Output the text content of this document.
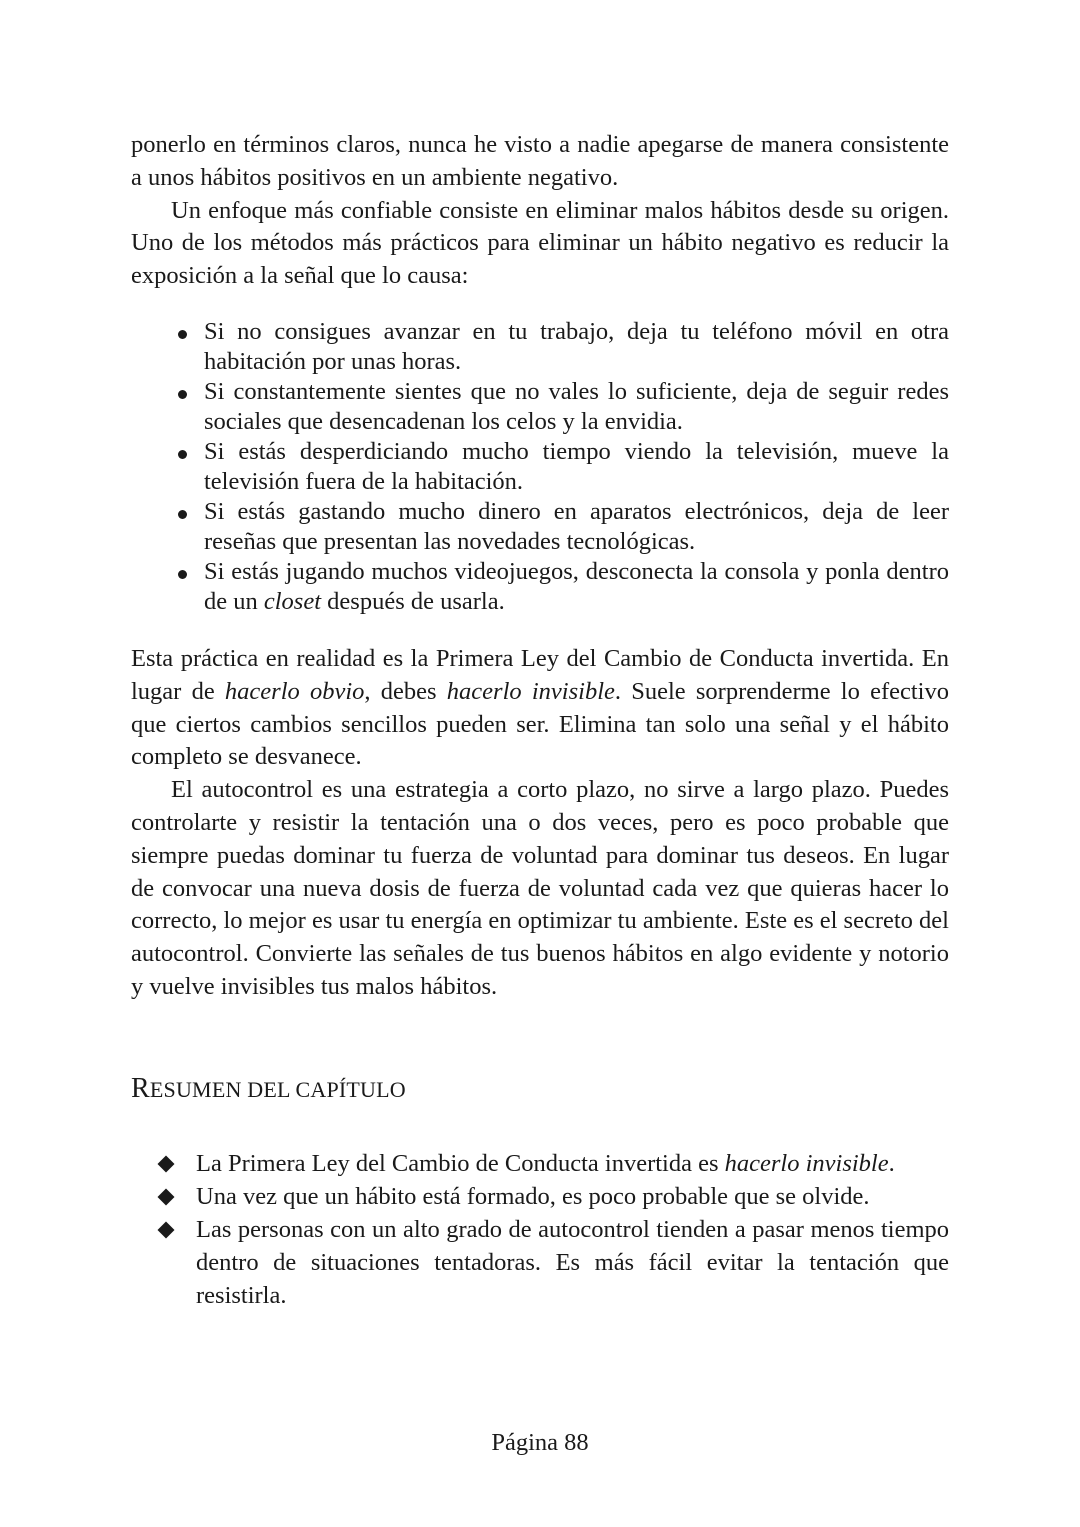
ponerlo en términos claros, nunca he visto a nadie apegarse de manera consistente a unos hábitos positivos en un ambiente negativo.

Un enfoque más confiable consiste en eliminar malos hábitos desde su origen. Uno de los métodos más prácticos para eliminar un hábito negativo es reducir la exposición a la señal que lo causa:

Si no consigues avanzar en tu trabajo, deja tu teléfono móvil en otra habitación por unas horas.
Si constantemente sientes que no vales lo suficiente, deja de seguir redes sociales que desencadenan los celos y la envidia.
Si estás desperdiciando mucho tiempo viendo la televisión, mueve la televisión fuera de la habitación.
Si estás gastando mucho dinero en aparatos electrónicos, deja de leer reseñas que presentan las novedades tecnológicas.
Si estás jugando muchos videojuegos, desconecta la consola y ponla dentro de un closet después de usarla.

Esta práctica en realidad es la Primera Ley del Cambio de Conducta invertida. En lugar de hacerlo obvio, debes hacerlo invisible. Suele sorprenderme lo efectivo que ciertos cambios sencillos pueden ser. Elimina tan solo una señal y el hábito completo se desvanece.

El autocontrol es una estrategia a corto plazo, no sirve a largo plazo. Puedes controlarte y resistir la tentación una o dos veces, pero es poco probable que siempre puedas dominar tu fuerza de voluntad para dominar tus deseos. En lugar de convocar una nueva dosis de fuerza de voluntad cada vez que quieras hacer lo correcto, lo mejor es usar tu energía en optimizar tu ambiente. Este es el secreto del autocontrol. Convierte las señales de tus buenos hábitos en algo evidente y notorio y vuelve invisibles tus malos hábitos.

RESUMEN DEL CAPÍTULO
La Primera Ley del Cambio de Conducta invertida es hacerlo invisible.
Una vez que un hábito está formado, es poco probable que se olvide.
Las personas con un alto grado de autocontrol tienden a pasar menos tiempo dentro de situaciones tentadoras. Es más fácil evitar la tentación que resistirla.
Página 88
